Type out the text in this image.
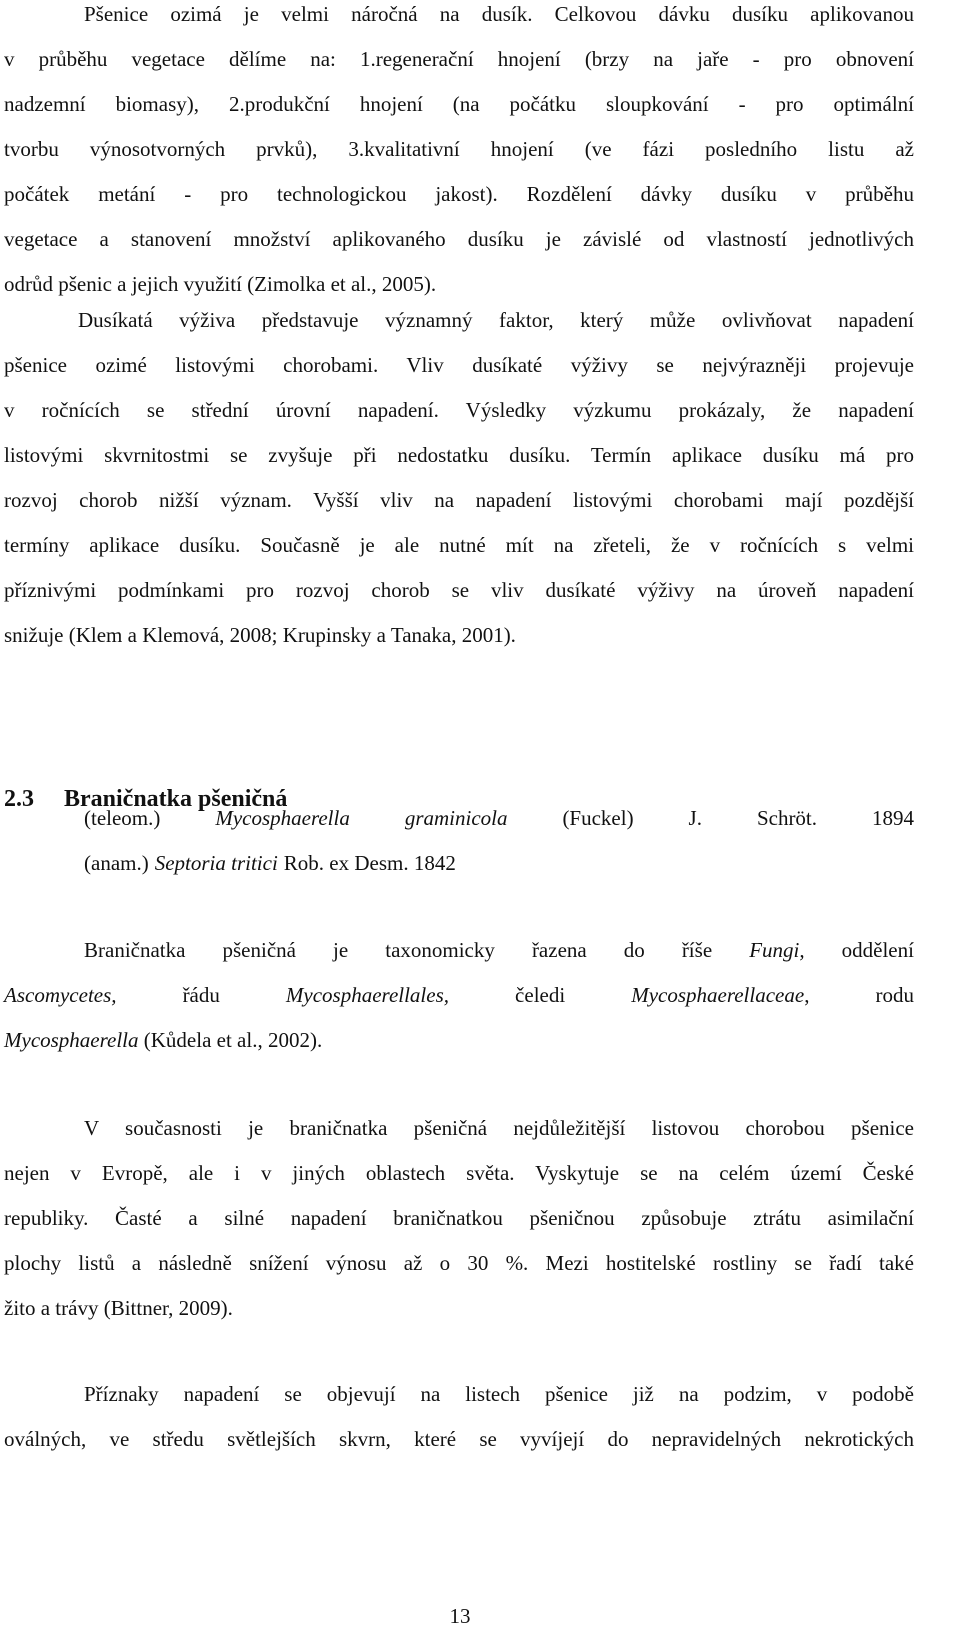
Pšenice ozimá je velmi náročná na dusík. Celkovou dávku dusíku aplikovanou
v průběhu vegetace dělíme na: 1.regenerační hnojení (brzy na jaře - pro obnovení
nadzemní biomasy), 2.produkční hnojení (na počátku sloupkování - pro optimální
tvorbu výnosotvorných prvků), 3.kvalitativní hnojení (ve fázi posledního listu až
počátek metání - pro technologickou jakost). Rozdělení dávky dusíku v průběhu
vegetace a stanovení množství aplikovaného dusíku je závislé od vlastností jednotlivých
odrůd pšenic a jejich využití (Zimolka et al., 2005).
Dusíkatá výživa představuje významný faktor, který může ovlivňovat napadení
pšenice ozimé listovými chorobami. Vliv dusíkaté výživy se nejvýrazněji projevuje
v ročnících se střední úrovní napadení. Výsledky výzkumu prokázaly, že napadení
listovými skvrnitostmi se zvyšuje při nedostatku dusíku. Termín aplikace dusíku má pro
rozvoj chorob nižší význam. Vyšší vliv na napadení listovými chorobami mají pozdější
termíny aplikace dusíku. Současně je ale nutné mít na zřeteli, že v ročnících s velmi
příznivými podmínkami pro rozvoj chorob se vliv dusíkaté výživy na úroveň napadení
snižuje (Klem a Klemová, 2008; Krupinsky a Tanaka, 2001).
2.3 Braničnatka pšeničná
(teleom.)	Mycosphaerella	graminicola	(Fuckel)	J.	Schröt.	1894
(anam.) Septoria tritici Rob. ex Desm. 1842
Braničnatka pšeničná je taxonomicky řazena do říše Fungi, oddělení
Ascomycetes,	řádu	Mycosphaerellales,	čeledi	Mycosphaerellaceae,	rodu
Mycosphaerella (Kůdela et al., 2002).
V současnosti je braničnatka pšeničná nejdůležitější listovou chorobou pšenice
nejen v Evropě, ale i v jiných oblastech světa. Vyskytuje se na celém území České
republiky. Časté a silné napadení braničnatkou pšeničnou způsobuje ztrátu asimilační
plochy listů a následně snížení výnosu až o 30 %. Mezi hostitelské rostliny se řadí také
žito a trávy (Bittner, 2009).
Příznaky napadení se objevují na listech pšenice již na podzim, v podobě
oválných, ve středu světlejších skvrn, které se vyvíjejí do nepravidelných nekrotických
13
